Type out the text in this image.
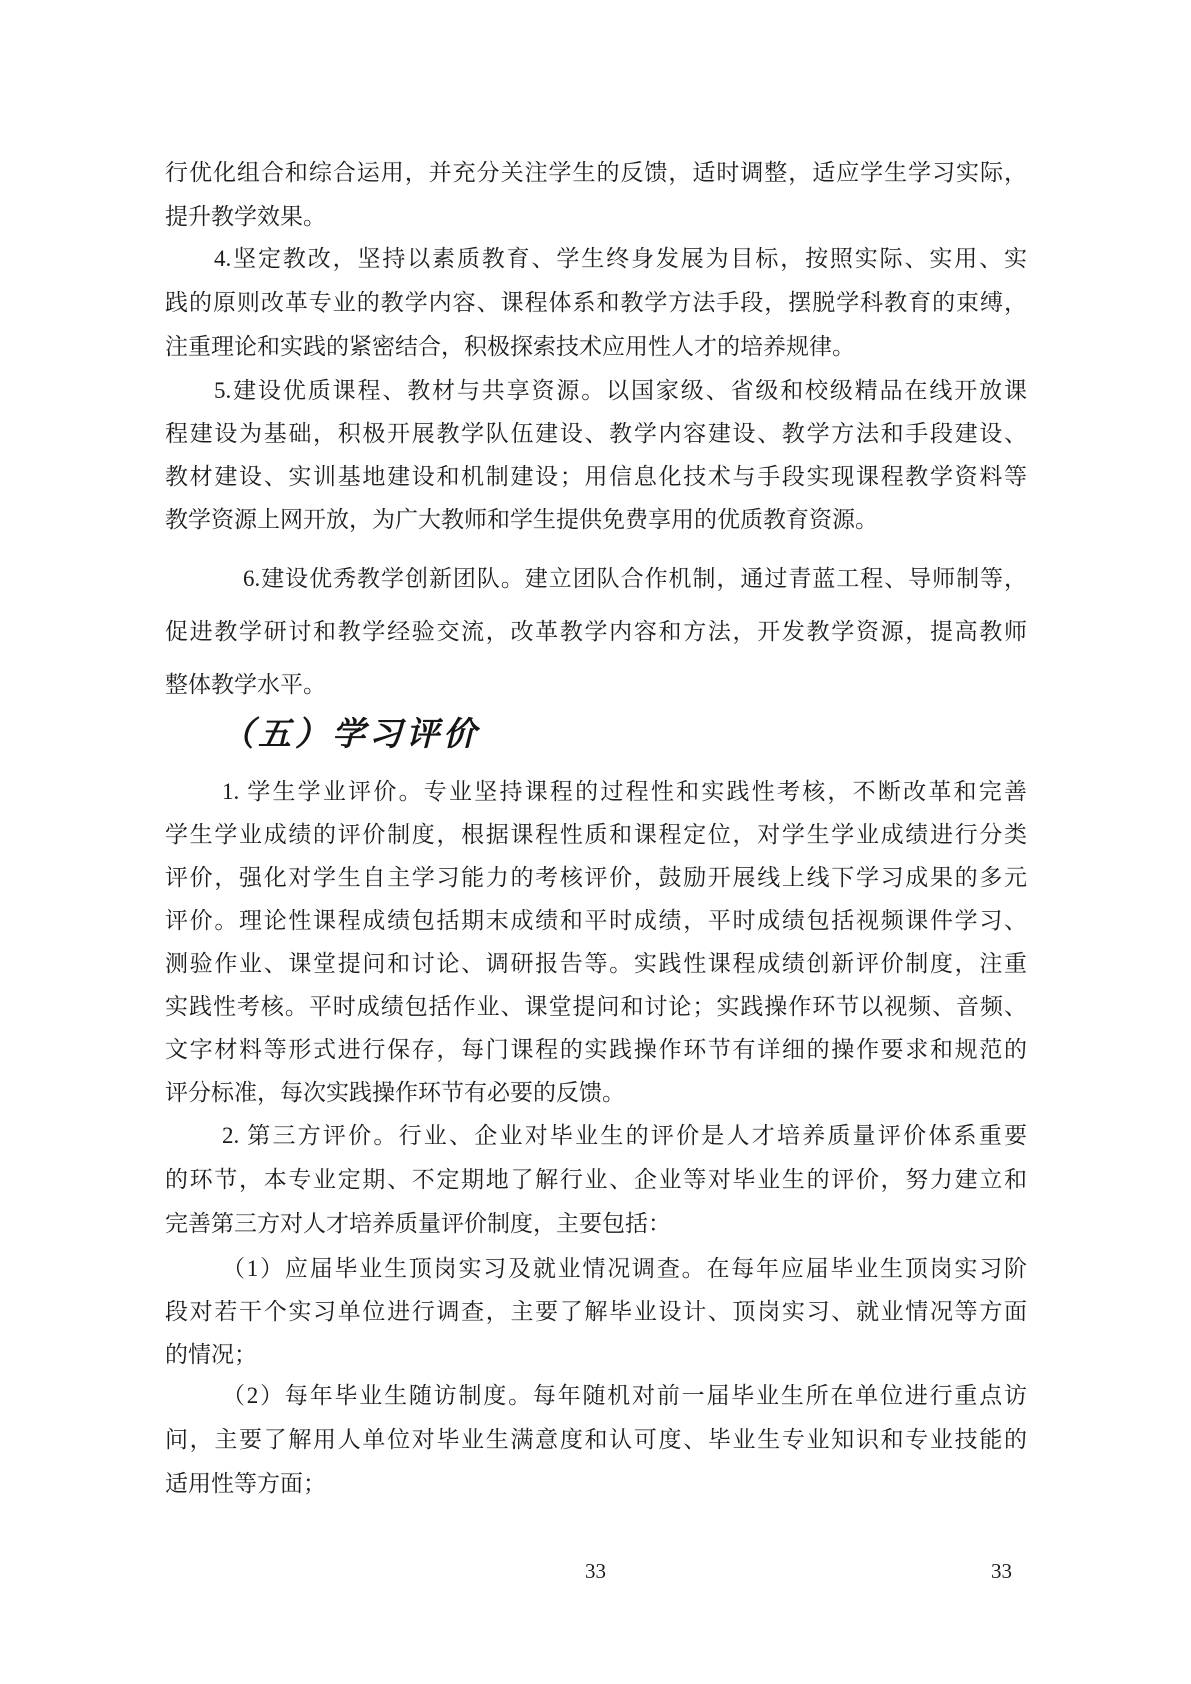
行优化组合和综合运用，并充分关注学生的反馈，适时调整，适应学生学习实际，
提升教学效果。
4.坚定教改，坚持以素质教育、学生终身发展为目标，按照实际、实用、实
践的原则改革专业的教学内容、课程体系和教学方法手段，摆脱学科教育的束缚，
注重理论和实践的紧密结合，积极探索技术应用性人才的培养规律。
5.建设优质课程、教材与共享资源。以国家级、省级和校级精品在线开放课
程建设为基础，积极开展教学队伍建设、教学内容建设、教学方法和手段建设、
教材建设、实训基地建设和机制建设；用信息化技术与手段实现课程教学资料等
教学资源上网开放，为广大教师和学生提供免费享用的优质教育资源。
6.建设优秀教学创新团队。建立团队合作机制，通过青蓝工程、导师制等，
促进教学研讨和教学经验交流，改革教学内容和方法，开发教学资源，提高教师
整体教学水平。
（五）学习评价
1. 学生学业评价。专业坚持课程的过程性和实践性考核，不断改革和完善
学生学业成绩的评价制度，根据课程性质和课程定位，对学生学业成绩进行分类
评价，强化对学生自主学习能力的考核评价，鼓励开展线上线下学习成果的多元
评价。理论性课程成绩包括期末成绩和平时成绩，平时成绩包括视频课件学习、
测验作业、课堂提问和讨论、调研报告等。实践性课程成绩创新评价制度，注重
实践性考核。平时成绩包括作业、课堂提问和讨论；实践操作环节以视频、音频、
文字材料等形式进行保存，每门课程的实践操作环节有详细的操作要求和规范的
评分标准，每次实践操作环节有必要的反馈。
2. 第三方评价。行业、企业对毕业生的评价是人才培养质量评价体系重要
的环节，本专业定期、不定期地了解行业、企业等对毕业生的评价，努力建立和
完善第三方对人才培养质量评价制度，主要包括：
（1）应届毕业生顶岗实习及就业情况调查。在每年应届毕业生顶岗实习阶
段对若干个实习单位进行调查，主要了解毕业设计、顶岗实习、就业情况等方面
的情况；
（2）每年毕业生随访制度。每年随机对前一届毕业生所在单位进行重点访
问，主要了解用人单位对毕业生满意度和认可度、毕业生专业知识和专业技能的
适用性等方面；
33	33
